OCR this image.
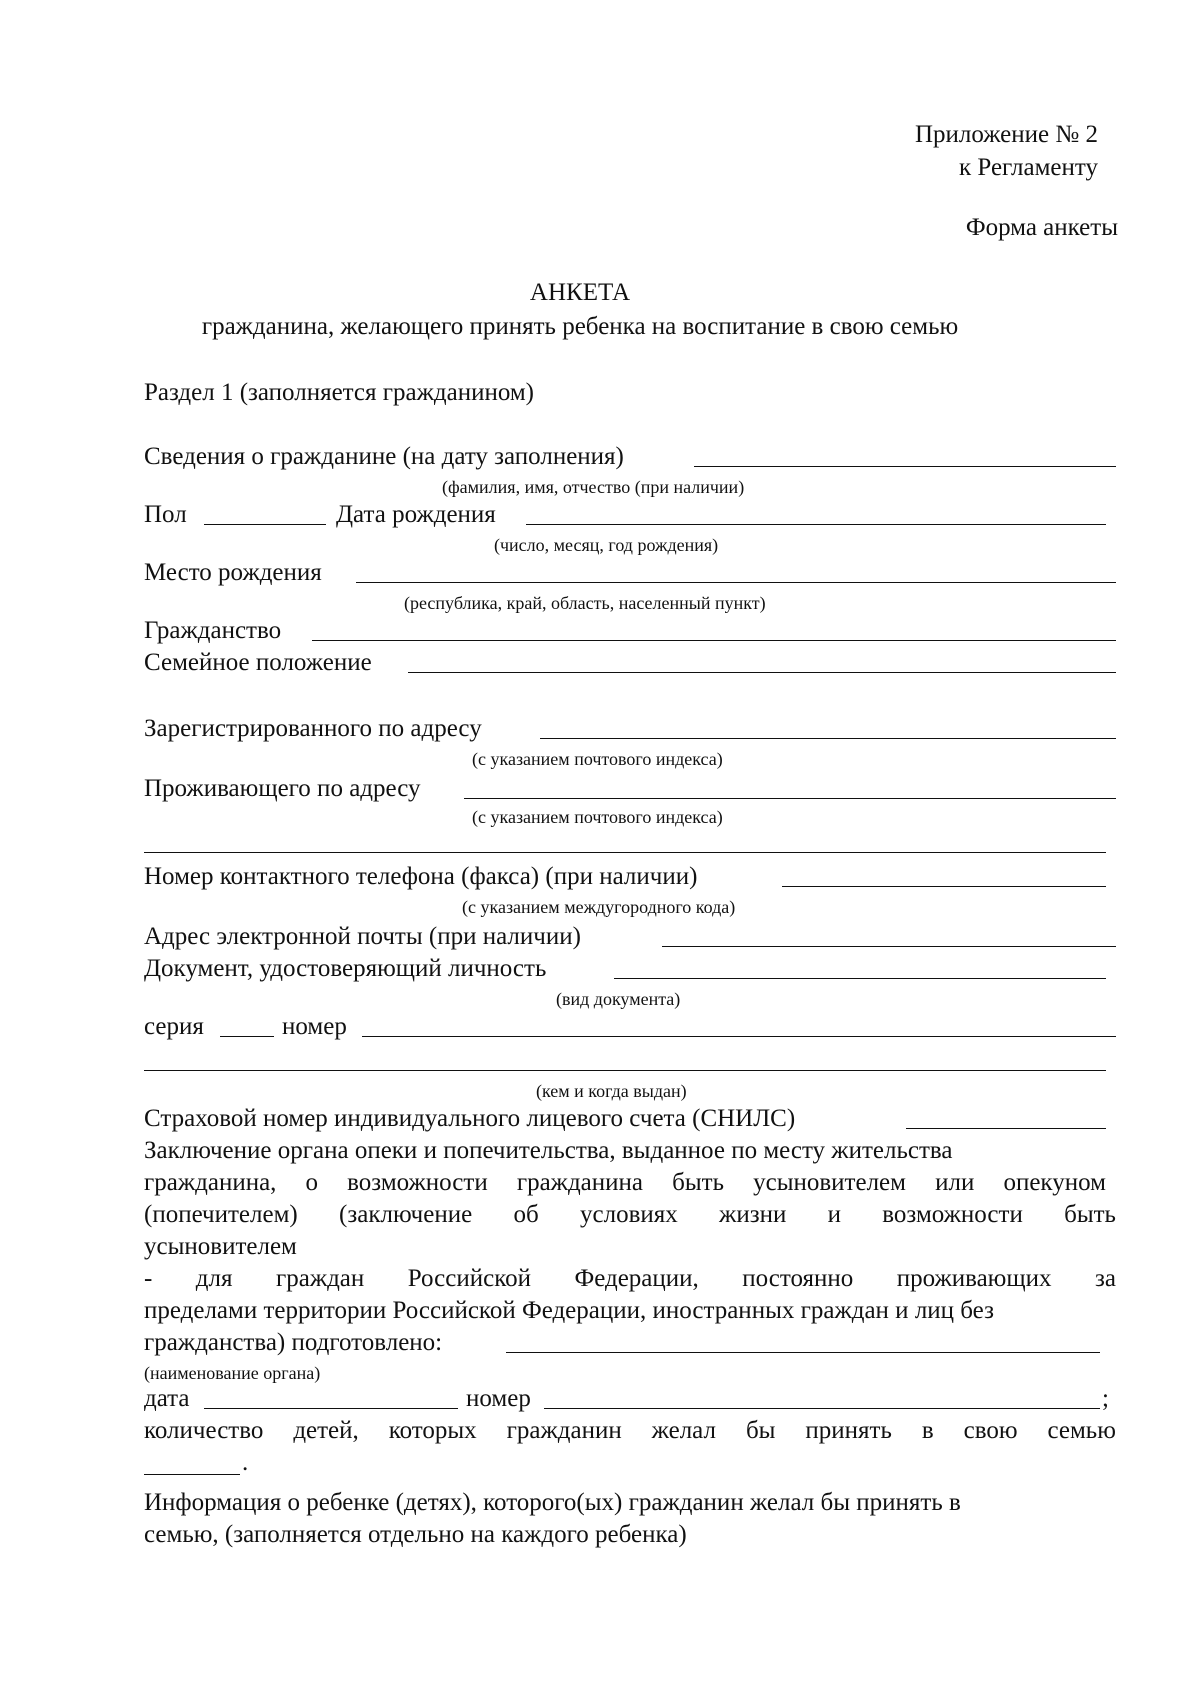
Приложение № 2
к Регламенту
Форма анкеты
АНКЕТА
гражданина, желающего принять ребенка на воспитание в свою семью
Раздел 1 (заполняется гражданином)
Сведения о гражданине (на дату заполнения)
(фамилия, имя, отчество (при наличии)
Пол	Дата рождения
(число, месяц, год рождения)
Место рождения
(республика, край, область, населенный пункт)
Гражданство
Семейное положение
Зарегистрированного по адресу
(с указанием почтового индекса)
Проживающего по адресу
(с указанием почтового индекса)
Номер контактного телефона (факса) (при наличии)
(с указанием междугородного кода)
Адрес электронной почты (при наличии)
Документ, удостоверяющий личность
(вид документа)
серия	номер
(кем и когда выдан)
Страховой номер индивидуального лицевого счета (СНИЛС)
Заключение органа опеки и попечительства, выданное по месту жительства
гражданина, о возможности гражданина быть усыновителем или опекуном
(попечителем) (заключение об условиях жизни и возможности быть
усыновителем
- для граждан Российской Федерации, постоянно проживающих за
пределами территории Российской Федерации, иностранных граждан и лиц без
гражданства) подготовлено:
(наименование органа)
дата	номер	;
количество детей, которых гражданин желал бы принять в свою семью
.
Информация о ребенке (детях), которого(ых) гражданин желал бы принять в
семью, (заполняется отдельно на каждого ребенка)
